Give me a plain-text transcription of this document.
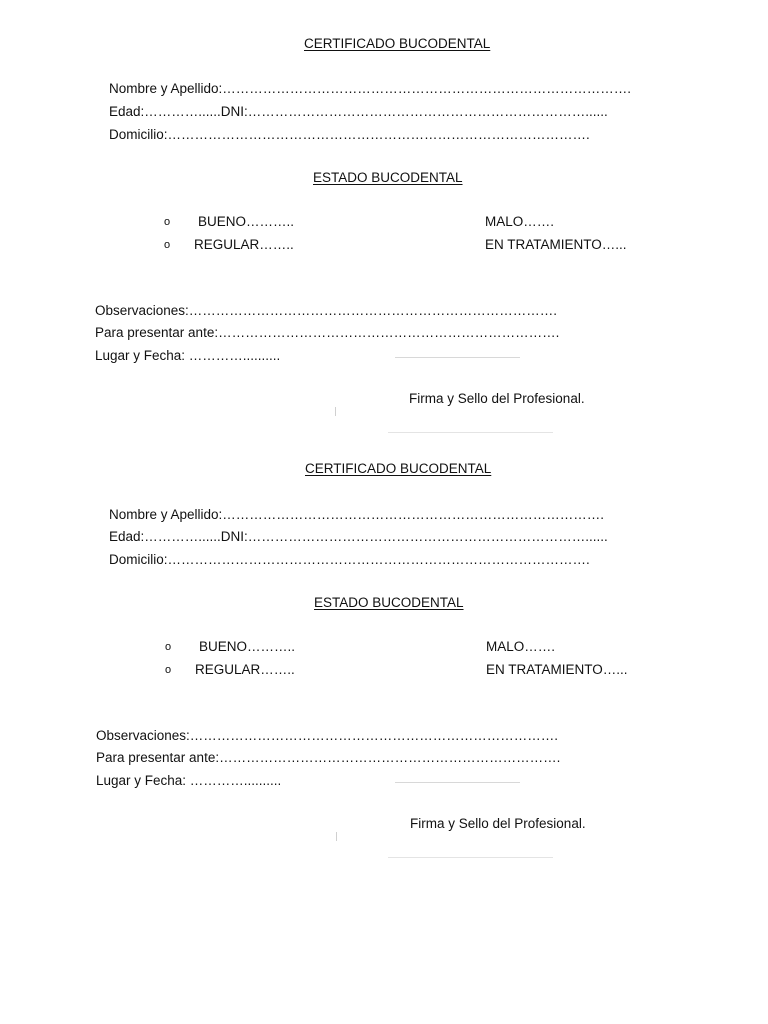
CERTIFICADO BUCODENTAL
Nombre y Apellido:……………………………………………………………………………….
Edad:…………......DNI:…………………………………………………………………......
Domicilio:………………………………………………………………………………….
ESTADO BUCODENTAL
o BUENO………..	MALO…….
o REGULAR……..	EN TRATAMIENTO…...
Observaciones:……………………………………………………………………….
Para presentar ante:………………………………………………………………….
Lugar y Fecha: …………..........
Firma y Sello del Profesional.
CERTIFICADO BUCODENTAL
Nombre y Apellido:………………………………………………………………………….
Edad:…………......DNI:…………………………………………………………………......
Domicilio:………………………………………………………………………………….
ESTADO BUCODENTAL
o BUENO………..	MALO…….
o REGULAR……..	EN TRATAMIENTO…...
Observaciones:……………………………………………………………………….
Para presentar ante:………………………………………………………………….
Lugar y Fecha: …………..........
Firma y Sello del Profesional.
